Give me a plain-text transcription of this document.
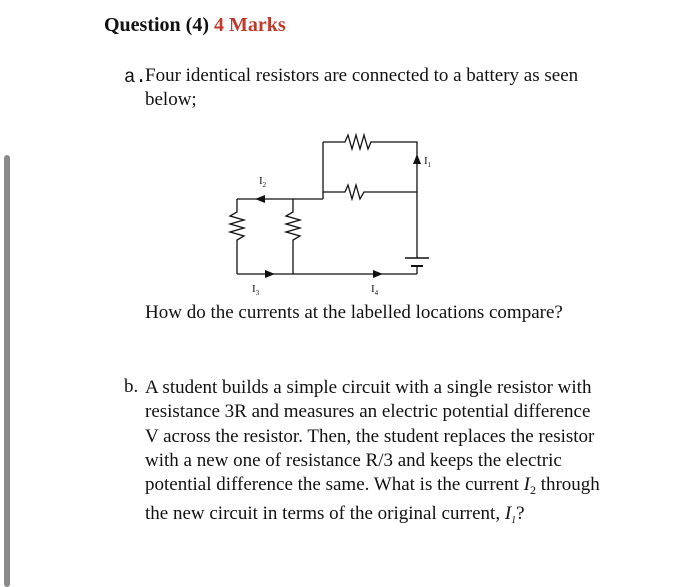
Question (4) 4 Marks
a.
Four identical resistors are connected to a battery as seen below;
$I_1$
$I_2$
$I_3$	$I_4$
How do the currents at the labelled locations compare?
b. A student builds a simple circuit with a single resistor with resistance 3R and measures an electric potential difference V across the resistor. Then, the student replaces the resistor with a new one of resistance R/3 and keeps the electric potential difference the same. What is the current $I_2$ through the new circuit in terms of the original current, $I_1$?
